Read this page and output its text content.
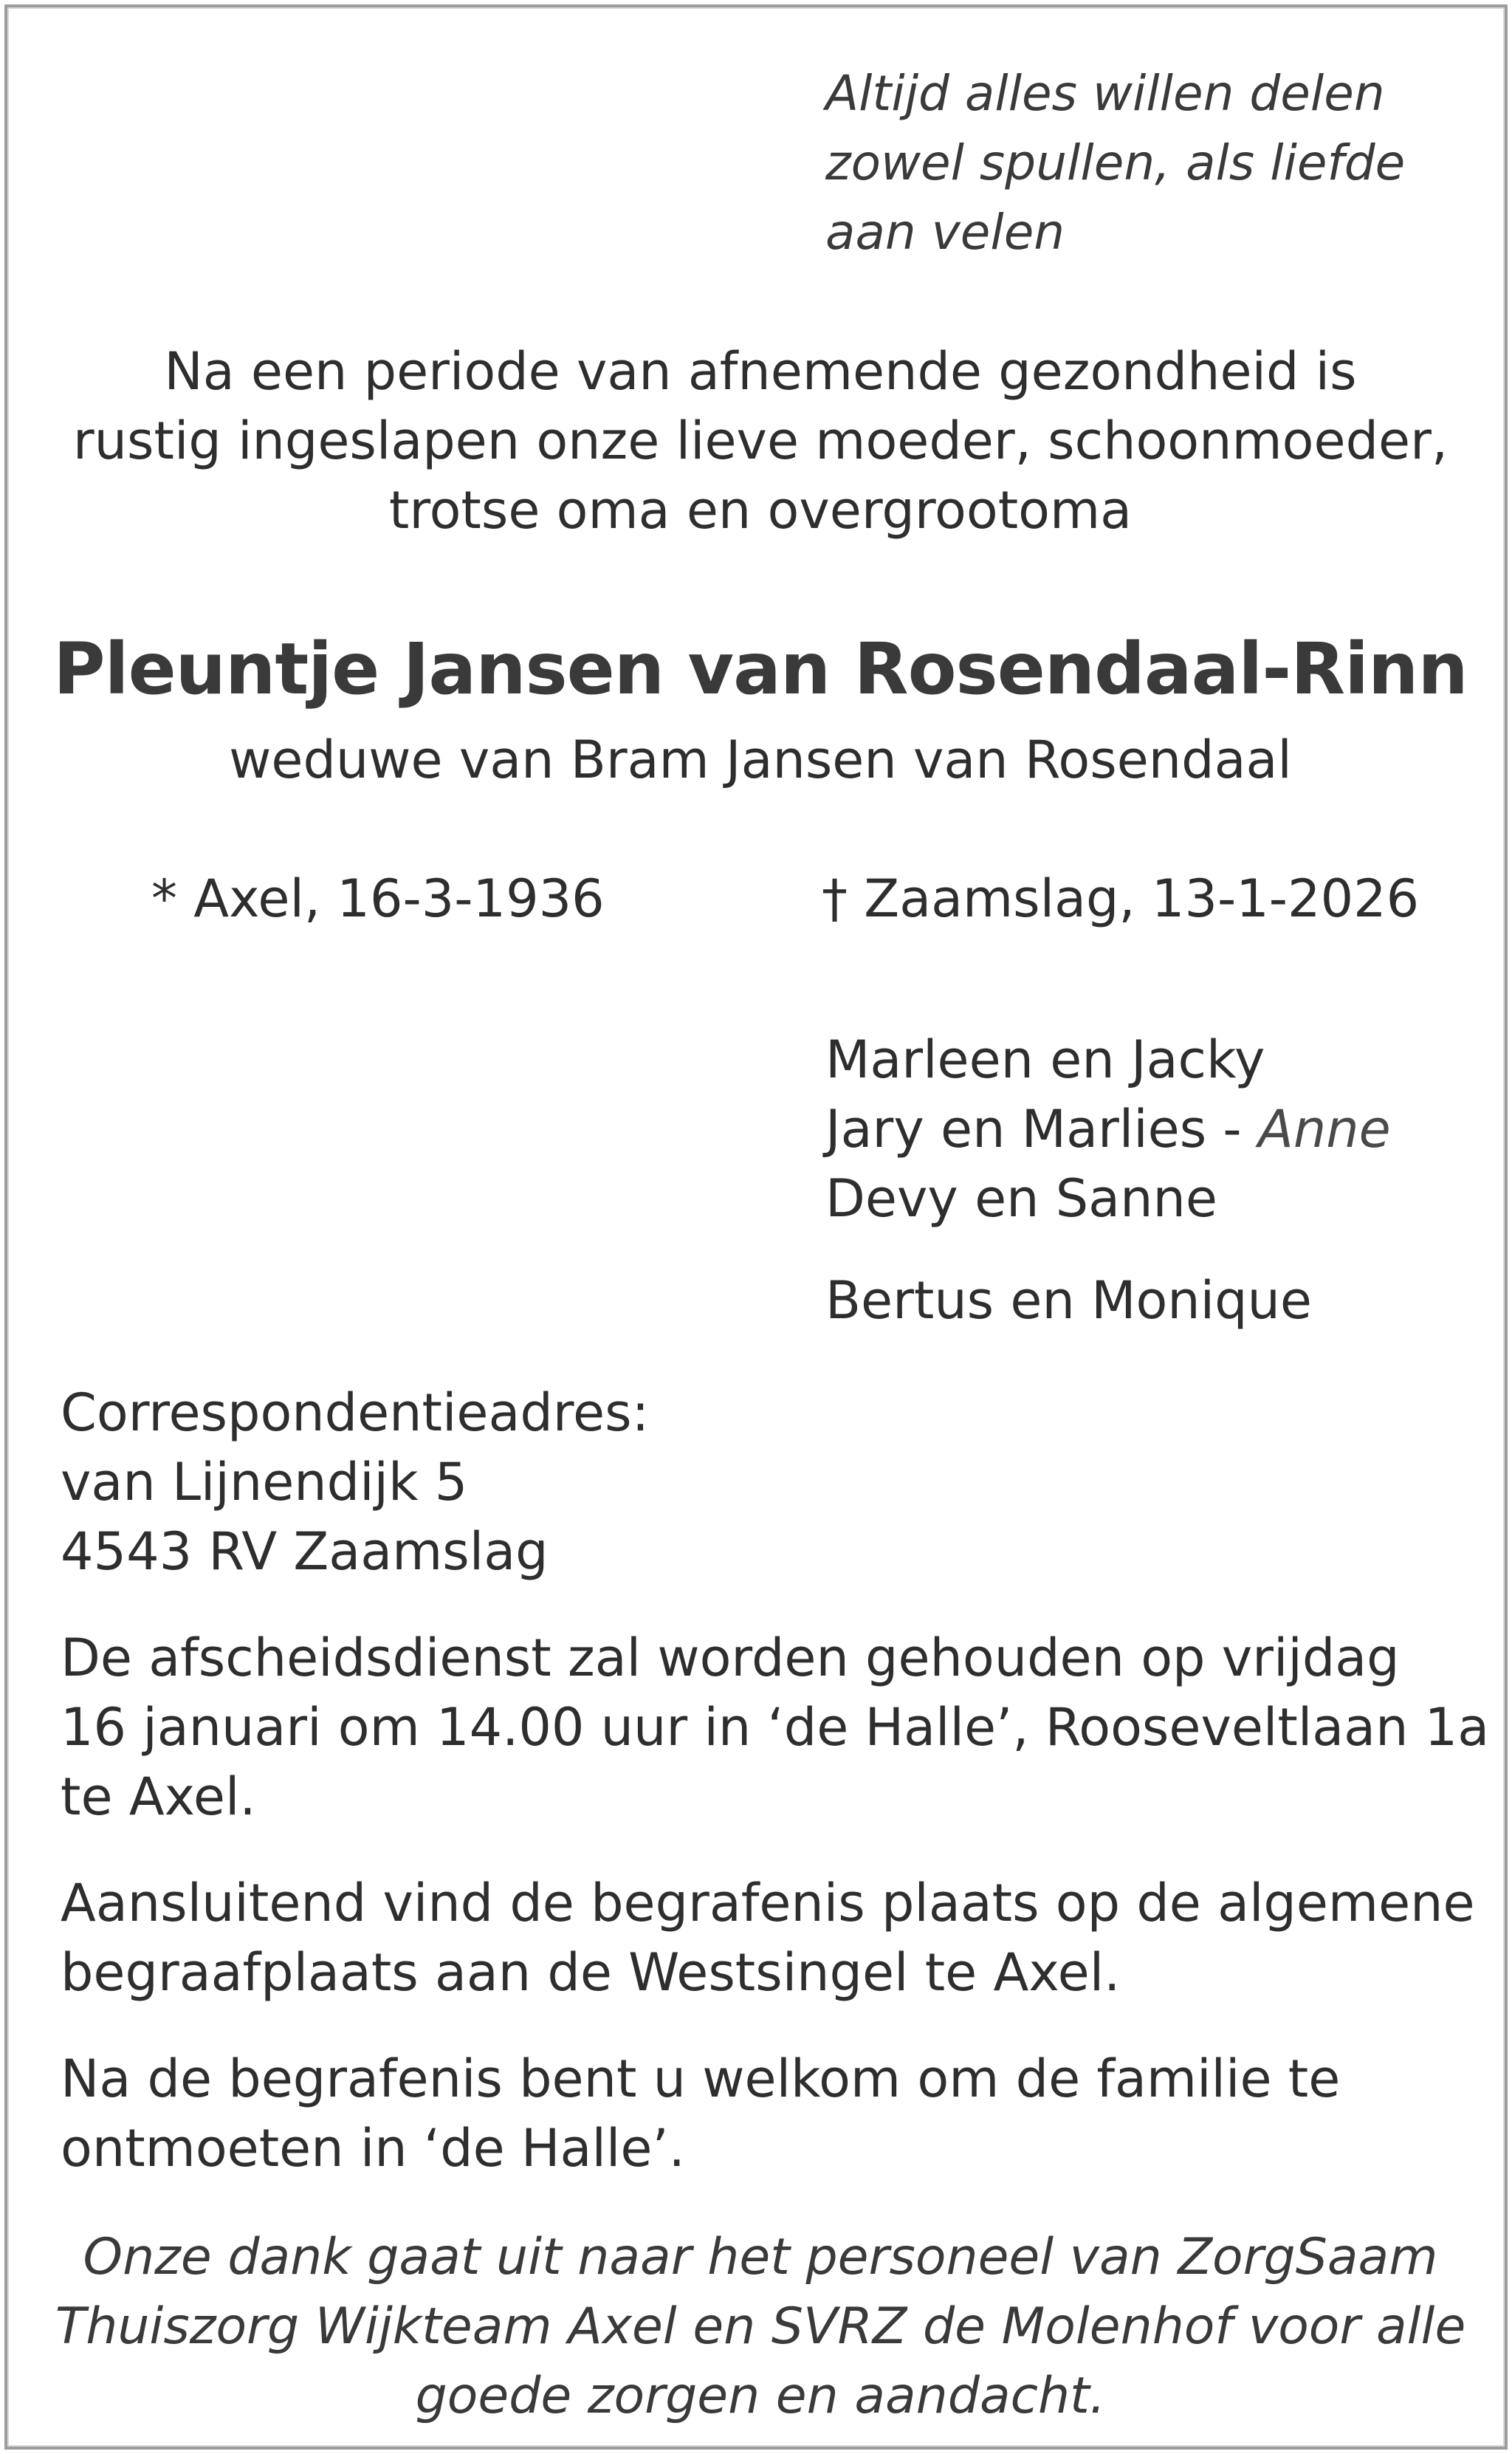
Altijd alles willen delen
zowel spullen, als liefde
aan velen
Na een periode van afnemende gezondheid is
rustig ingeslapen onze lieve moeder, schoonmoeder,
trotse oma en overgrootoma
Pleuntje Jansen van Rosendaal-Rinn
weduwe van Bram Jansen van Rosendaal
* Axel, 16-3-1936	† Zaamslag, 13-1-2026
Marleen en Jacky
Jary en Marlies - Anne
Devy en Sanne
Bertus en Monique
Correspondentieadres:
van Lijnendijk 5
4543 RV Zaamslag
De afscheidsdienst zal worden gehouden op vrijdag
16 januari om 14.00 uur in ‘de Halle’, Rooseveltlaan 1a
te Axel.
Aansluitend vind de begrafenis plaats op de algemene
begraafplaats aan de Westsingel te Axel.
Na de begrafenis bent u welkom om de familie te
ontmoeten in ‘de Halle’.
Onze dank gaat uit naar het personeel van ZorgSaam
Thuiszorg Wijkteam Axel en SVRZ de Molenhof voor alle
goede zorgen en aandacht.
